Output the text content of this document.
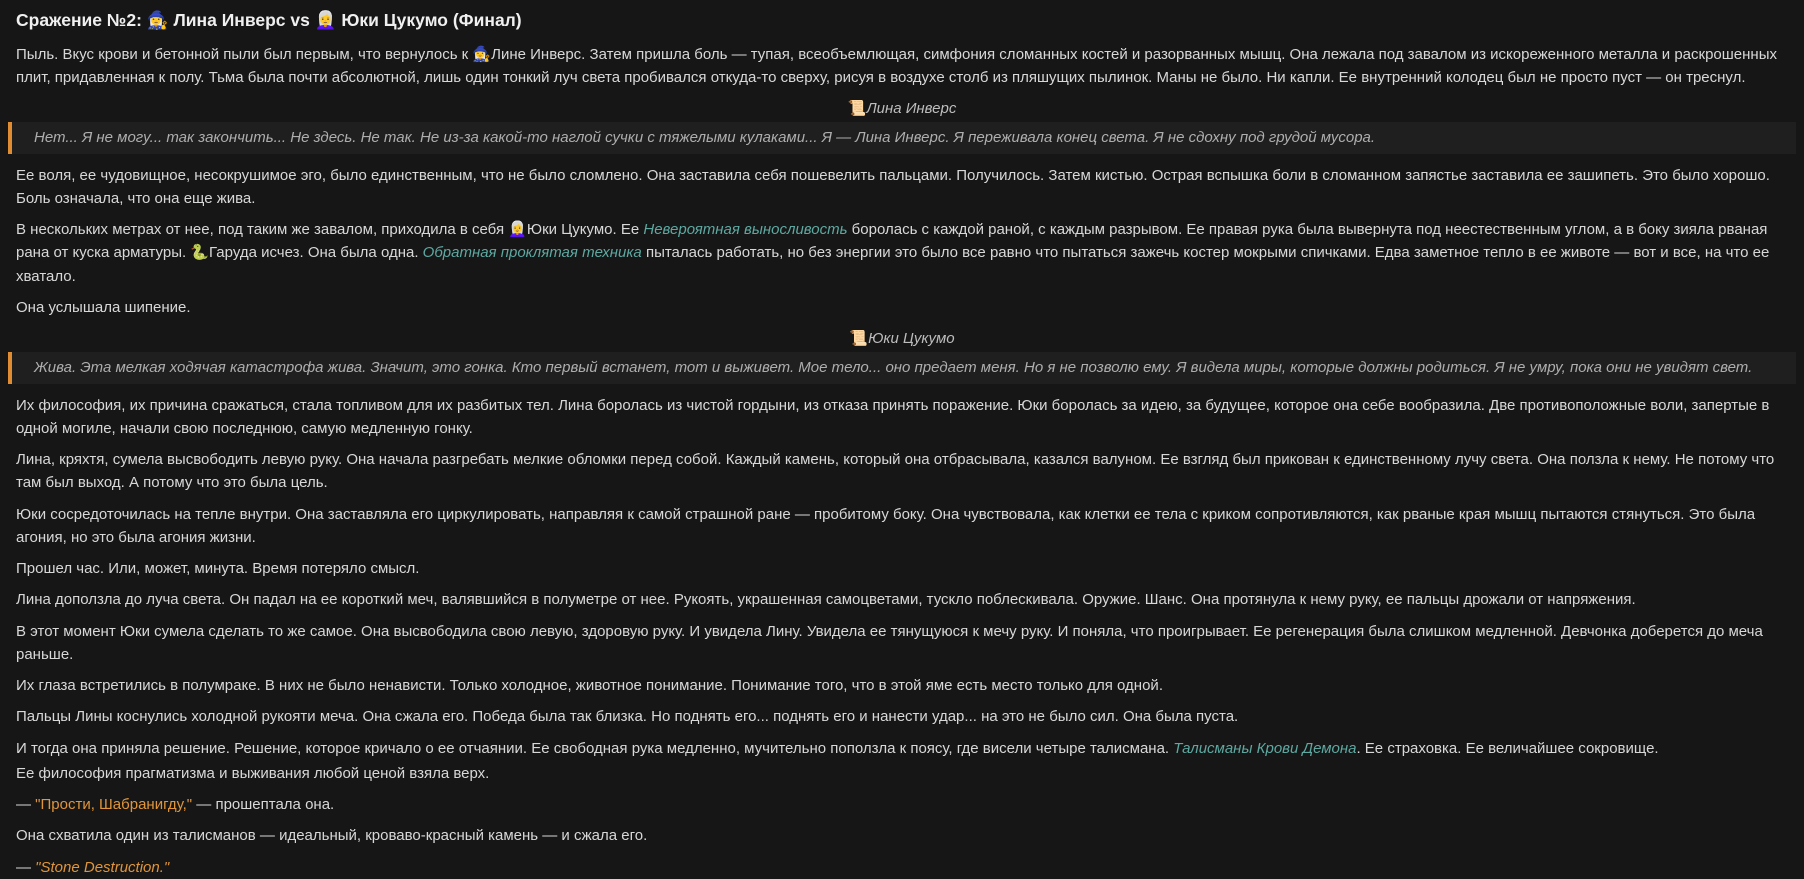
Сражение №2: 🧙‍♀️ Лина Инверс vs 👩‍🦳 Юки Цукумо (Финал)

Пыль. Вкус крови и бетонной пыли был первым, что вернулось к 🧙‍♀️Лине Инверс. Затем пришла боль — тупая, всеобъемлющая, симфония сломанных костей и разорванных мышц. Она лежала под завалом из искореженного металла и раскрошенных плит, придавленная к полу. Тьма была почти абсолютной, лишь один тонкий луч света пробивался откуда-то сверху, рисуя в воздухе столб из пляшущих пылинок. Маны не было. Ни капли. Ее внутренний колодец был не просто пуст — он треснул.

📜Лина Инверс
Нет... Я не могу... так закончить... Не здесь. Не так. Не из-за какой-то наглой сучки с тяжелыми кулаками... Я — Лина Инверс. Я переживала конец света. Я не сдохну под грудой мусора.

Ее воля, ее чудовищное, несокрушимое эго, было единственным, что не было сломлено. Она заставила себя пошевелить пальцами. Получилось. Затем кистью. Острая вспышка боли в сломанном запястье заставила ее зашипеть. Это было хорошо. Боль означала, что она еще жива.

В нескольких метрах от нее, под таким же завалом, приходила в себя 👩‍🦳Юки Цукумо. Ее Невероятная выносливость боролась с каждой раной, с каждым разрывом. Ее правая рука была вывернута под неестественным углом, а в боку зияла рваная рана от куска арматуры. 🐍Гаруда исчез. Она была одна. Обратная проклятая техника пыталась работать, но без энергии это было все равно что пытаться зажечь костер мокрыми спичками. Едва заметное тепло в ее животе — вот и все, на что ее хватало.

Она услышала шипение.

📜Юки Цукумо
Жива. Эта мелкая ходячая катастрофа жива. Значит, это гонка. Кто первый встанет, тот и выживет. Мое тело... оно предает меня. Но я не позволю ему. Я видела миры, которые должны родиться. Я не умру, пока они не увидят свет.

Их философия, их причина сражаться, стала топливом для их разбитых тел. Лина боролась из чистой гордыни, из отказа принять поражение. Юки боролась за идею, за будущее, которое она себе вообразила. Две противоположные воли, запертые в одной могиле, начали свою последнюю, самую медленную гонку.

Лина, кряхтя, сумела высвободить левую руку. Она начала разгребать мелкие обломки перед собой. Каждый камень, который она отбрасывала, казался валуном. Ее взгляд был прикован к единственному лучу света. Она ползла к нему. Не потому что там был выход. А потому что это была цель.

Юки сосредоточилась на тепле внутри. Она заставляла его циркулировать, направляя к самой страшной ране — пробитому боку. Она чувствовала, как клетки ее тела с криком сопротивляются, как рваные края мышц пытаются стянуться. Это была агония, но это была агония жизни.

Прошел час. Или, может, минута. Время потеряло смысл.

Лина доползла до луча света. Он падал на ее короткий меч, валявшийся в полуметре от нее. Рукоять, украшенная самоцветами, тускло поблескивала. Оружие. Шанс. Она протянула к нему руку, ее пальцы дрожали от напряжения.

В этот момент Юки сумела сделать то же самое. Она высвободила свою левую, здоровую руку. И увидела Лину. Увидела ее тянущуюся к мечу руку. И поняла, что проигрывает. Ее регенерация была слишком медленной. Девчонка доберется до меча раньше.

Их глаза встретились в полумраке. В них не было ненависти. Только холодное, животное понимание. Понимание того, что в этой яме есть место только для одной.

Пальцы Лины коснулись холодной рукояти меча. Она сжала его. Победа была так близка. Но поднять его... поднять его и нанести удар... на это не было сил. Она была пуста.

И тогда она приняла решение. Решение, которое кричало о ее отчаянии. Ее свободная рука медленно, мучительно поползла к поясу, где висели четыре талисмана. Талисманы Крови Демона. Ее страховка. Ее величайшее сокровище.

Ее философия прагматизма и выживания любой ценой взяла верх.

— "Прости, Шабранигду," — прошептала она.

Она схватила один из талисманов — идеальный, кроваво-красный камень — и сжала его.

— "Stone Destruction."
